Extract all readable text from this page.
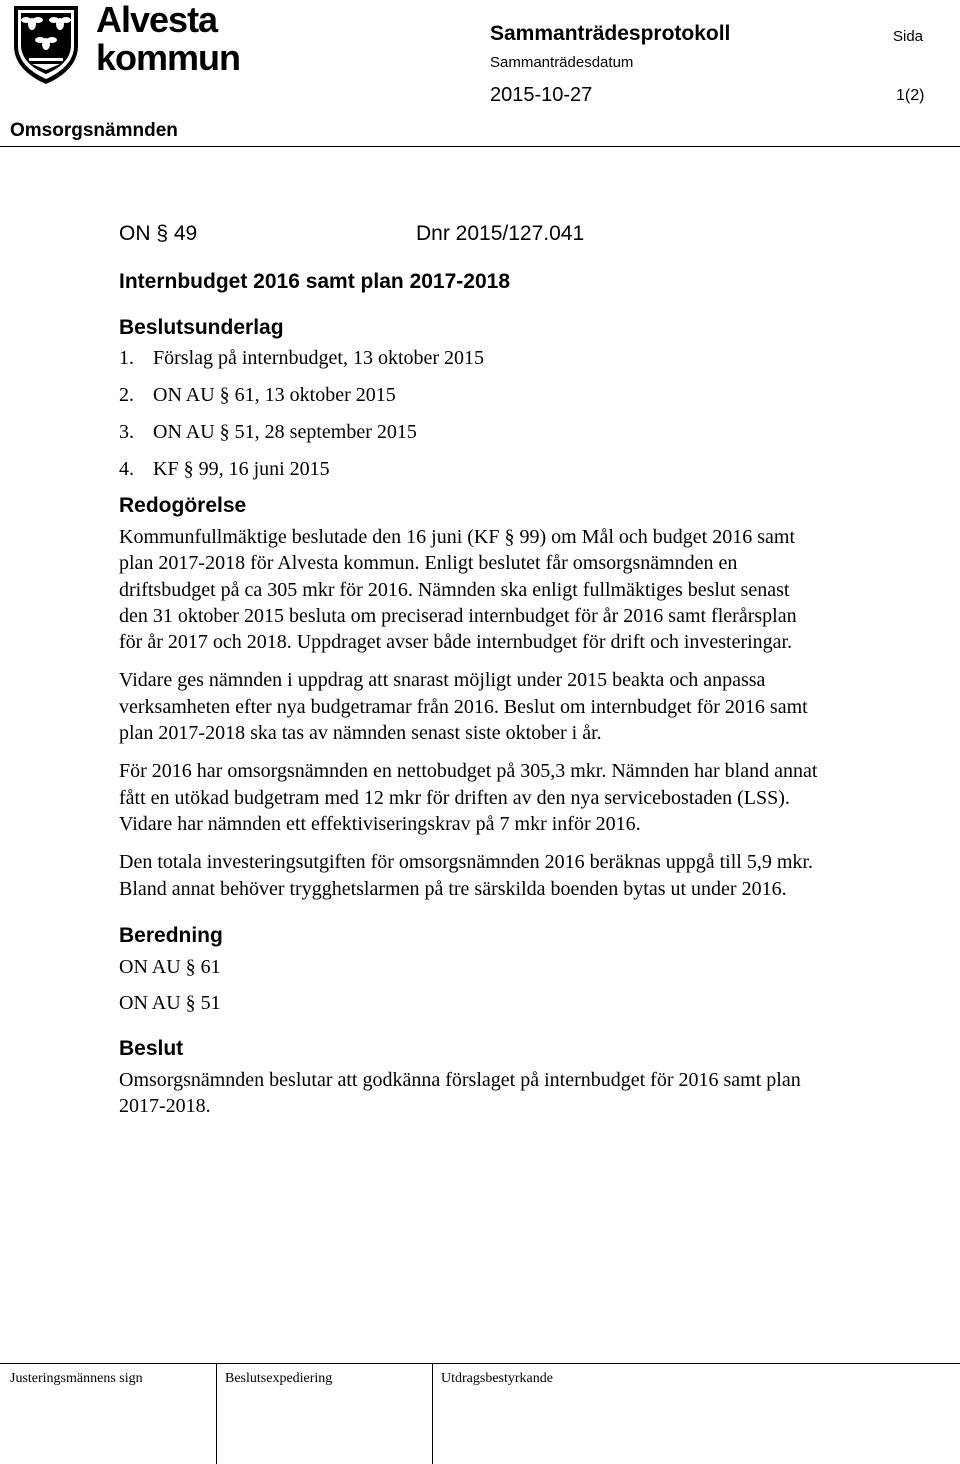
Alvesta
kommun
Sammanträdesprotokoll	Sida
Sammanträdesdatum
2015-10-27	1(2)
Omsorgsnämnden
ON § 49	Dnr 2015/127.041
Internbudget 2016 samt plan 2017-2018
Beslutsunderlag
1. Förslag på internbudget, 13 oktober 2015
2. ON AU § 61, 13 oktober 2015
3. ON AU § 51, 28 september 2015
4. KF § 99, 16 juni 2015
Redogörelse

Kommunfullmäktige beslutade den 16 juni (KF § 99) om Mål och budget 2016 samt plan 2017-2018 för Alvesta kommun. Enligt beslutet får omsorgsnämnden en driftsbudget på ca 305 mkr för 2016. Nämnden ska enligt fullmäktiges beslut senast den 31 oktober 2015 besluta om preciserad internbudget för år 2016 samt flerårsplan för år 2017 och 2018. Uppdraget avser både internbudget för drift och investeringar.

Vidare ges nämnden i uppdrag att snarast möjligt under 2015 beakta och anpassa verksamheten efter nya budgetramar från 2016. Beslut om internbudget för 2016 samt plan 2017-2018 ska tas av nämnden senast siste oktober i år.

För 2016 har omsorgsnämnden en nettobudget på 305,3 mkr. Nämnden har bland annat fått en utökad budgetram med 12 mkr för driften av den nya servicebostaden (LSS). Vidare har nämnden ett effektiviseringskrav på 7 mkr inför 2016.

Den totala investeringsutgiften för omsorgsnämnden 2016 beräknas uppgå till 5,9 mkr. Bland annat behöver trygghetslarmen på tre särskilda boenden bytas ut under 2016.

Beredning
ON AU § 61
ON AU § 51
Beslut

Omsorgsnämnden beslutar att godkänna förslaget på internbudget för 2016 samt plan 2017-2018.

Justeringsmännens sign	Beslutsexpediering	Utdragsbestyrkande
